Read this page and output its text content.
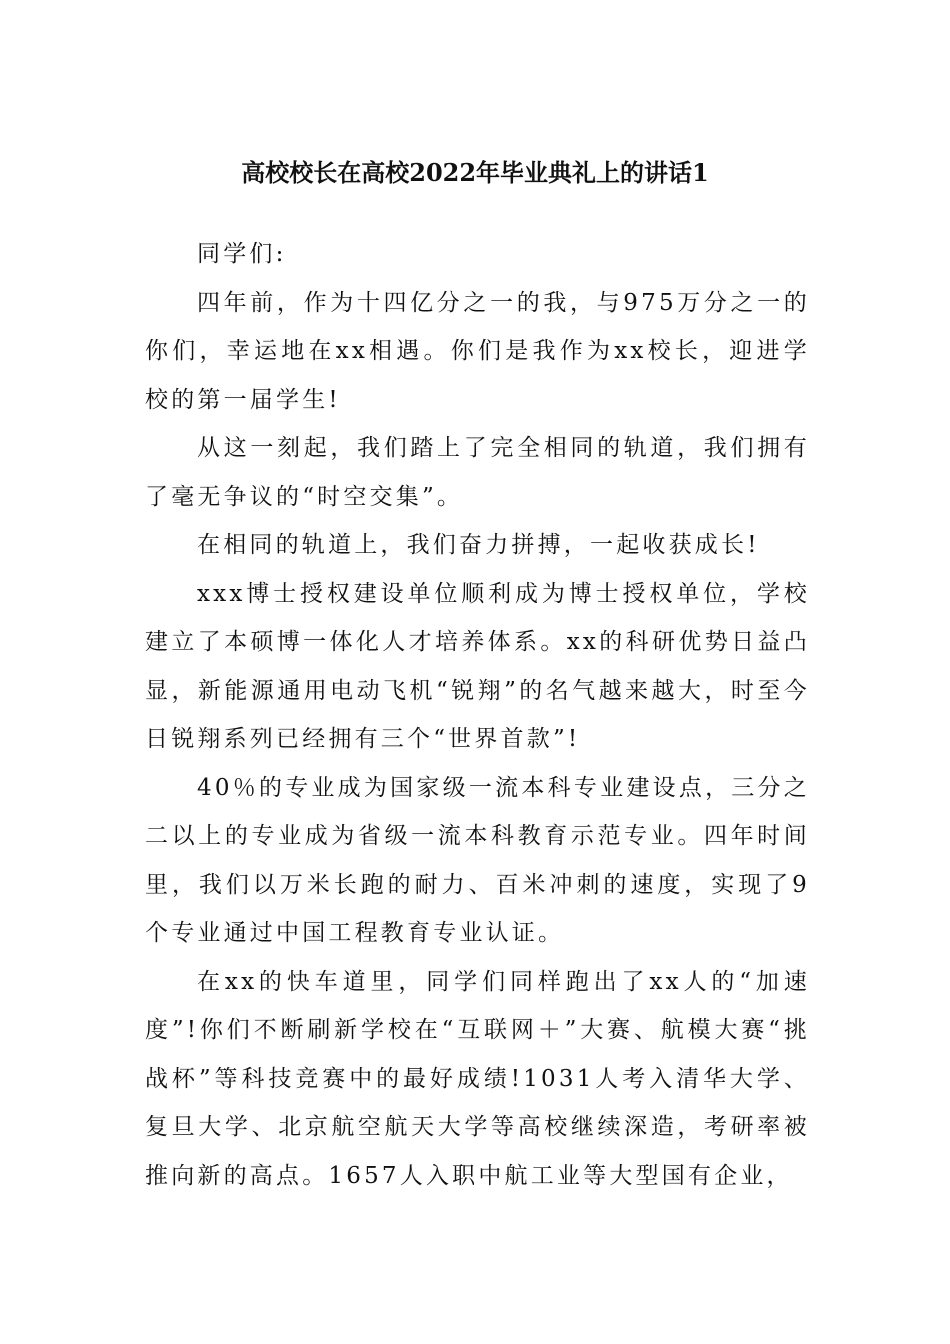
高校校长在高校2022年毕业典礼上的讲话1

同学们:

四年前，作为十四亿分之一的我，与975万分之一的你们，幸运地在xx相遇。你们是我作为xx校长，迎进学校的第一届学生!

从这一刻起，我们踏上了完全相同的轨道，我们拥有了毫无争议的“时空交集”。

在相同的轨道上，我们奋力拼搏，一起收获成长!

xxx博士授权建设单位顺利成为博士授权单位，学校建立了本硕博一体化人才培养体系。xx的科研优势日益凸显，新能源通用电动飞机“锐翔”的名气越来越大，时至今日锐翔系列已经拥有三个“世界首款”!

40％的专业成为国家级一流本科专业建设点，三分之二以上的专业成为省级一流本科教育示范专业。四年时间里，我们以万米长跑的耐力、百米冲刺的速度，实现了9个专业通过中国工程教育专业认证。

在xx的快车道里，同学们同样跑出了xx人的“加速度”!你们不断刷新学校在“互联网＋”大赛、航模大赛“挑战杯”等科技竞赛中的最好成绩!1031人考入清华大学、复旦大学、北京航空航天大学等高校继续深造，考研率被推向新的高点。1657人入职中航工业等大型国有企业，
